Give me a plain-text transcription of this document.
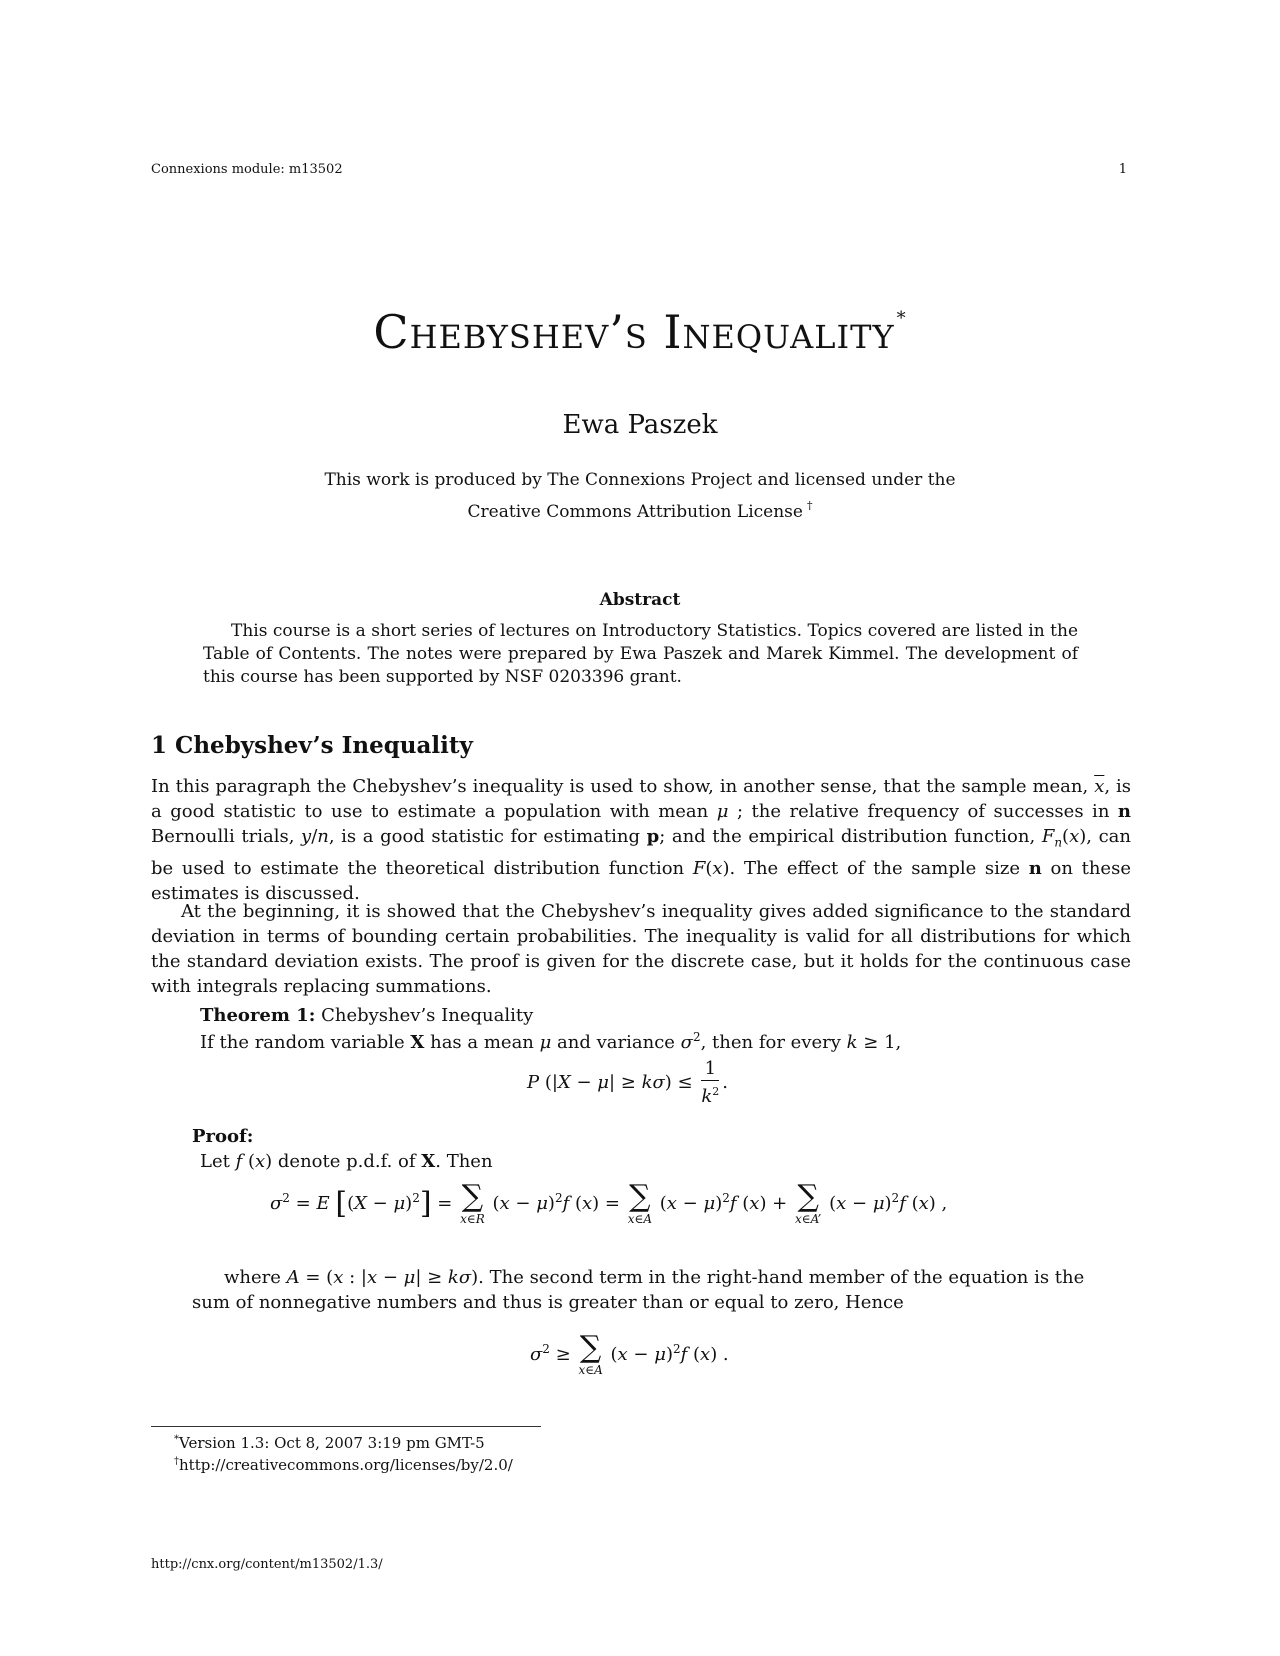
Connexions module: m13502	1
Chebyshev’s Inequality *
Ewa Paszek
This work is produced by The Connexions Project and licensed under the
Creative Commons Attribution License †
Abstract
This course is a short series of lectures on Introductory Statistics. Topics covered are listed in the Table of Contents. The notes were prepared by Ewa Paszek and Marek Kimmel. The development of this course has been supported by NSF 0203396 grant.
1 Chebyshev’s Inequality
In this paragraph the Chebyshev’s inequality is used to show, in another sense, that the sample mean, $\overline{x}$, is a good statistic to use to estimate a population with mean μ ; the relative frequency of successes in n Bernoulli trials, y/n, is a good statistic for estimating p; and the empirical distribution function, $F_n(x)$, can be used to estimate the theoretical distribution function F(x). The effect of the sample size n on these estimates is discussed.
At the beginning, it is showed that the Chebyshev’s inequality gives added significance to the standard deviation in terms of bounding certain probabilities. The inequality is valid for all distributions for which the standard deviation exists. The proof is given for the discrete case, but it holds for the continuous case with integrals replacing summations.
Theorem 1: Chebyshev’s Inequality
If the random variable X has a mean μ and variance $\sigma^2$, then for every k ≥ 1,
P $(|X - \mu| \ge k\sigma) \le \frac{1}{k^2}$ .
Proof:
Let f (x) denote p.d.f. of X. Then
$\sigma^2 = E$ $[(X - \mu)^2]$ = ∑
x∈R
$(x - \mu)^2f$ (x) = ∑
x∈A
$(x - \mu)^2f$ (x) + ∑
x∈A’
$(x - \mu)^2f$ (x) ,
where A = (x : |x − μ| ≥ kσ). The second term in the right-hand member of the equation is the sum of nonnegative numbers and thus is greater than or equal to zero, Hence
$\sigma^2$ ≥ ∑
x∈A
$(x - \mu)^2f$ (x) .
*Version 1.3: Oct 8, 2007 3:19 pm GMT-5
†http://creativecommons.org/licenses/by/2.0/
http://cnx.org/content/m13502/1.3/
